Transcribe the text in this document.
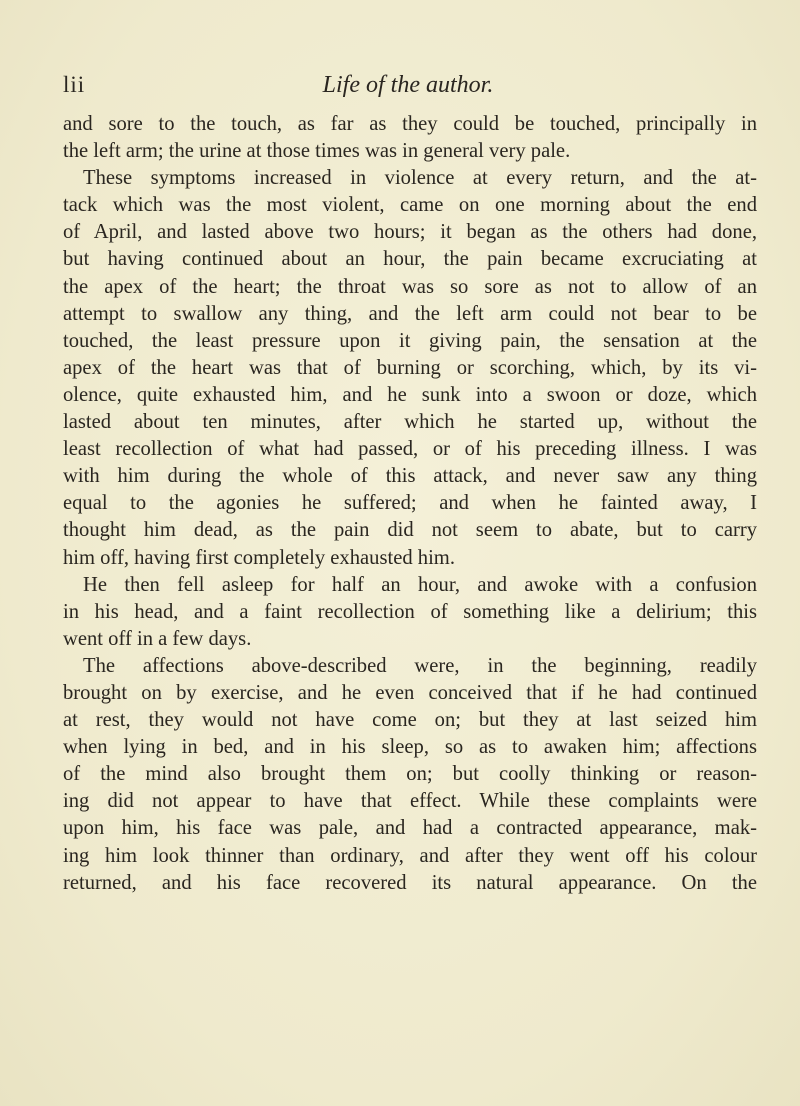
lii	Life of the author.
and sore to the touch, as far as they could be touched, principally in
the left arm; the urine at those times was in general very pale.
These symptoms increased in violence at every return, and the at-
tack which was the most violent, came on one morning about the end
of April, and lasted above two hours; it began as the others had done,
but having continued about an hour, the pain became excruciating at
the apex of the heart; the throat was so sore as not to allow of an
attempt to swallow any thing, and the left arm could not bear to be
touched, the least pressure upon it giving pain, the sensation at the
apex of the heart was that of burning or scorching, which, by its vi-
olence, quite exhausted him, and he sunk into a swoon or doze, which
lasted about ten minutes, after which he started up, without the
least recollection of what had passed, or of his preceding illness. I was
with him during the whole of this attack, and never saw any thing
equal to the agonies he suffered; and when he fainted away, I
thought him dead, as the pain did not seem to abate, but to carry
him off, having first completely exhausted him.
He then fell asleep for half an hour, and awoke with a confusion
in his head, and a faint recollection of something like a delirium; this
went off in a few days.
The affections above-described were, in the beginning, readily
brought on by exercise, and he even conceived that if he had continued
at rest, they would not have come on; but they at last seized him
when lying in bed, and in his sleep, so as to awaken him; affections
of the mind also brought them on; but coolly thinking or reason-
ing did not appear to have that effect. While these complaints were
upon him, his face was pale, and had a contracted appearance, mak-
ing him look thinner than ordinary, and after they went off his colour
returned, and his face recovered its natural appearance. On the
